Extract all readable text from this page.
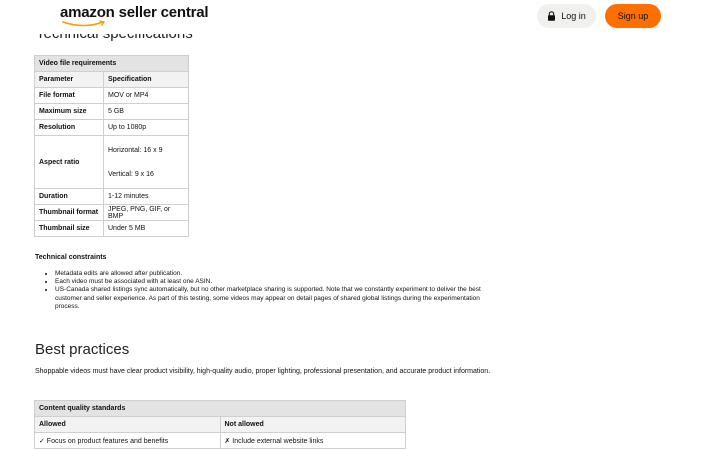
amazon seller central	Log in	Sign up
Video file requirements	
Parameter	Specification
File format	MOV or MP4
Maximum size	5 GB
Resolution	Up to 1080p
Aspect ratio	Horizontal: 16 x 9
Vertical: 9 x 16

Duration	1-12 minutes
Thumbnail format	JPEG, PNG, GIF, or BMP
Thumbnail size	Under 5 MB
Technical constraints
• Metadata edits are allowed after publication.
• Each video must be associated with at least one ASIN.
• US-Canada shared listings sync automatically, but no other marketplace sharing is supported. Note that we constantly experiment to deliver the best customer and seller experience. As part of this testing, some videos may appear on detail pages of shared global listings during the experimentation process.
Best practices

Shoppable videos must have clear product visibility, high-quality audio, proper lighting, professional presentation, and accurate product information.

Content quality standards	
Allowed	Not allowed
✓ Focus on product features and benefits	✗ Include external website links
